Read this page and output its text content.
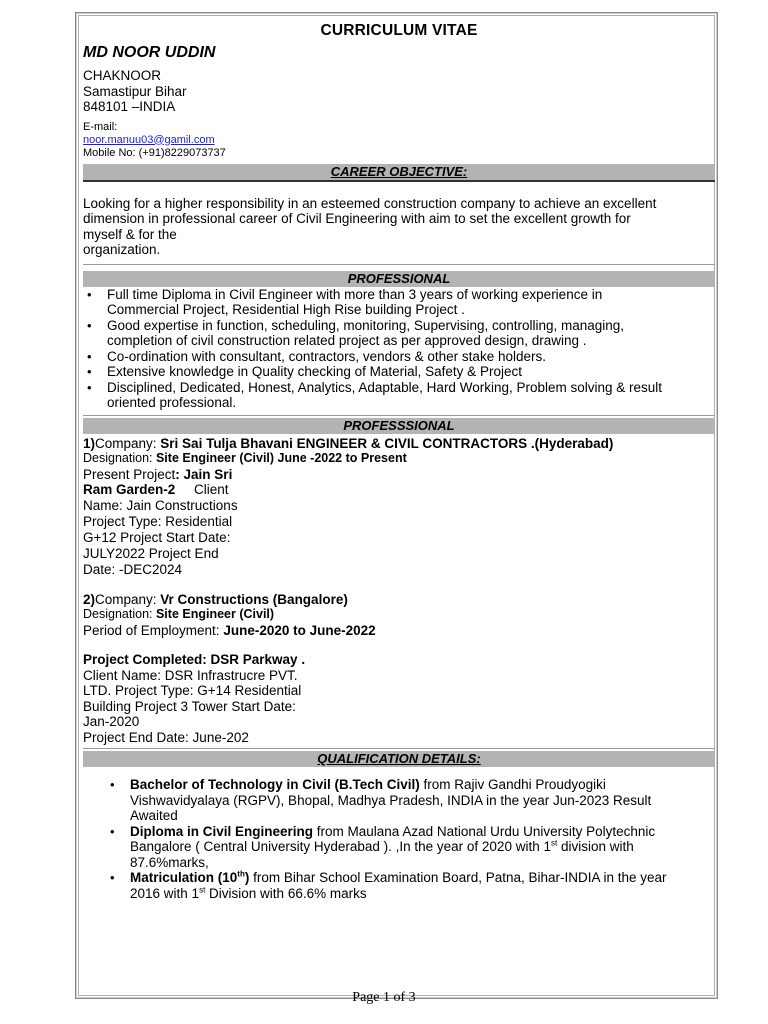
CURRICULUM VITAE
MD NOOR UDDIN
CHAKNOOR
Samastipur Bihar
848101 –INDIA
E-mail:
noor.manuu03@gamil.com
Mobile No: (+91)8229073737
CAREER OBJECTIVE:
Looking for a higher responsibility in an esteemed construction company to achieve an excellent
dimension in professional career of Civil Engineering with aim to set the excellent growth for
myself & for the
organization.
PROFESSIONAL
• Full time Diploma in Civil Engineer with more than 3 years of working experience in
Commercial Project, Residential High Rise building Project .
• Good expertise in function, scheduling, monitoring, Supervising, controlling, managing,
completion of civil construction related project as per approved design, drawing .
• Co-ordination with consultant, contractors, vendors & other stake holders.
• Extensive knowledge in Quality checking of Material, Safety & Project
• Disciplined, Dedicated, Honest, Analytics, Adaptable, Hard Working, Problem solving & result
oriented professional.
PROFESSSIONAL
1)Company: Sri Sai Tulja Bhavani ENGINEER & CIVIL CONTRACTORS .(Hyderabad)
Designation: Site Engineer (Civil) June -2022 to Present
Present Project: Jain Sri
Ram Garden-2 Client
Name: Jain Constructions
Project Type: Residential
G+12 Project Start Date:
JULY2022 Project End
Date: -DEC2024
2)Company: Vr Constructions (Bangalore)
Designation: Site Engineer (Civil)
Period of Employment: June-2020 to June-2022
Project Completed: DSR Parkway .
Client Name: DSR Infrastrucre PVT.
LTD. Project Type: G+14 Residential
Building Project 3 Tower Start Date:
Jan-2020
Project End Date: June-202
QUALIFICATION DETAILS:
• Bachelor of Technology in Civil (B.Tech Civil) from Rajiv Gandhi Proudyogiki
Vishwavidyalaya (RGPV), Bhopal, Madhya Pradesh, INDIA in the year Jun-2023 Result
Awaited
• Diploma in Civil Engineering from Maulana Azad National Urdu University Polytechnic
Bangalore ( Central University Hyderabad ). ,In the year of 2020 with 1st division with
87.6%marks,
• Matriculation (10th) from Bihar School Examination Board, Patna, Bihar-INDIA in the year
2016 with 1st Division with 66.6% marks
Page 1 of 3
